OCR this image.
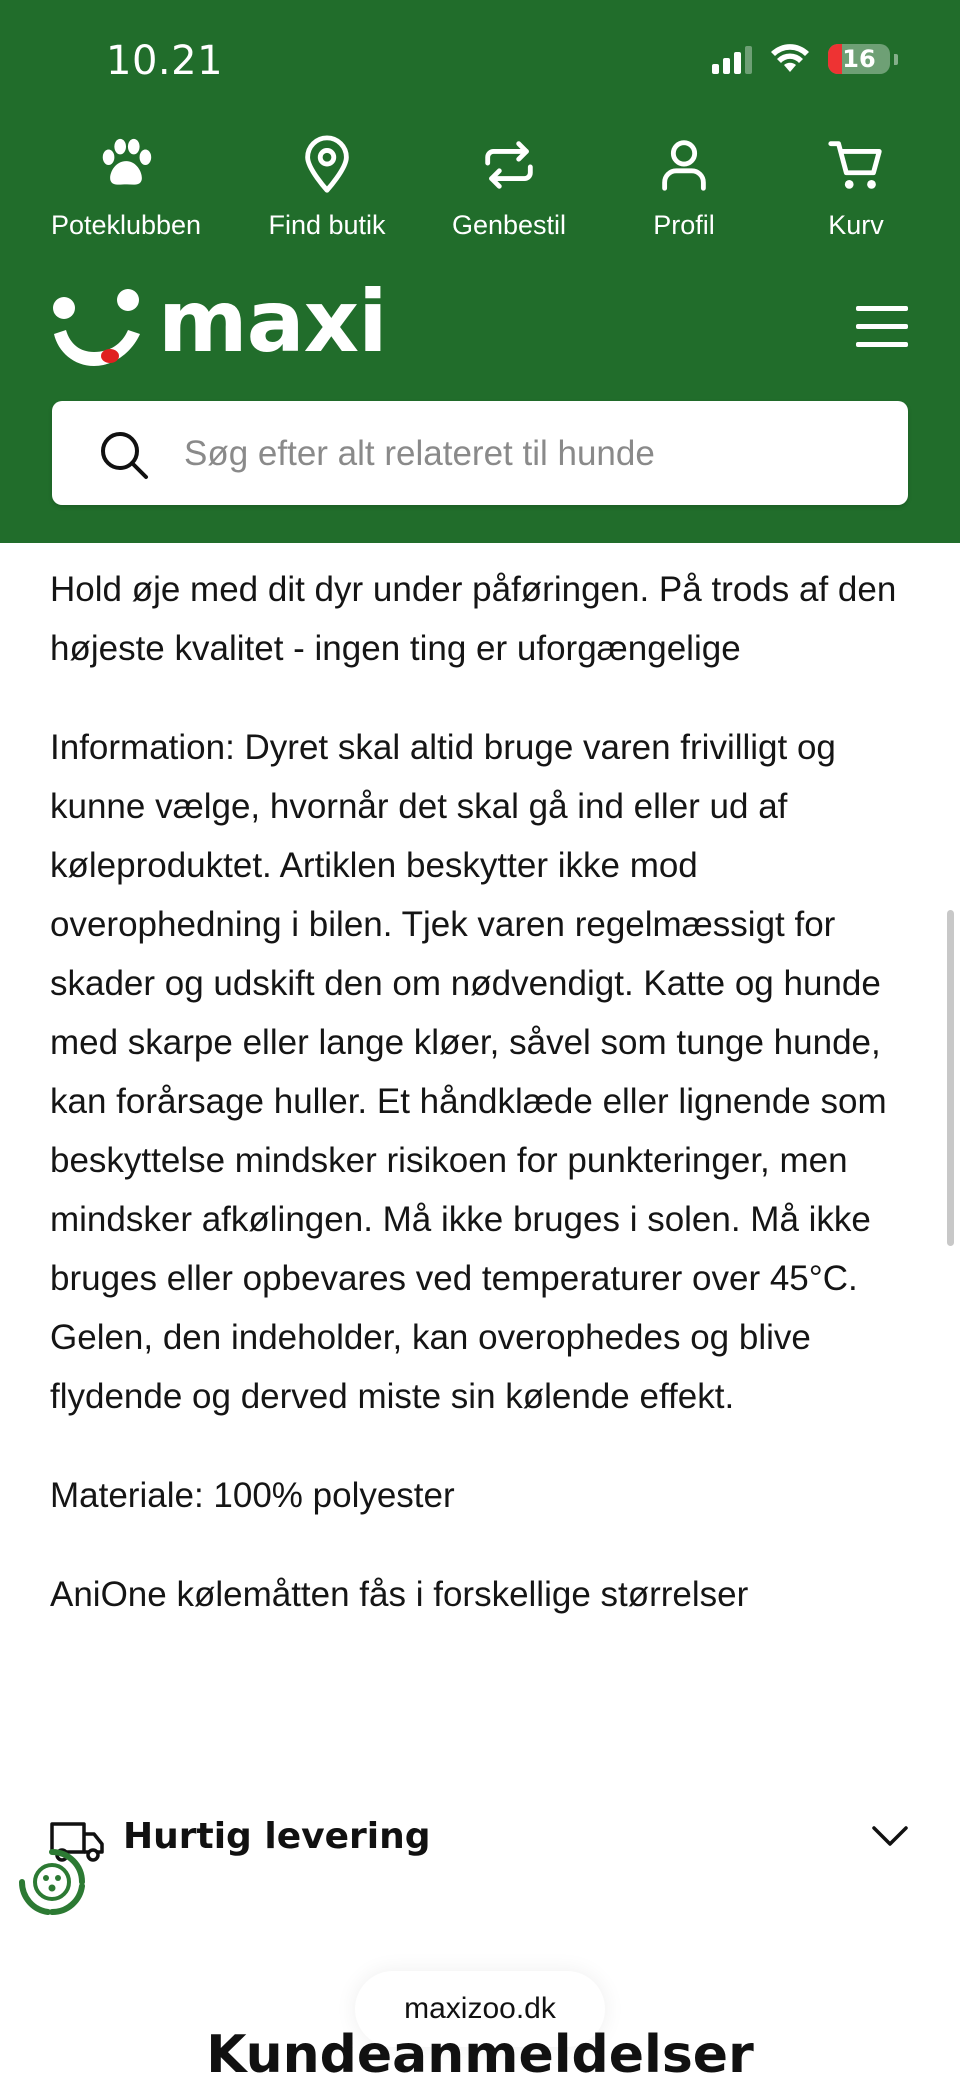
10.21	16
Poteklubben	Find butik	Genbestil	Profil	Kurv
maxi
Søg efter alt relateret til hunde

Hold øje med dit dyr under påføringen. På trods af den højeste kvalitet - ingen ting er uforgængelige

Information: Dyret skal altid bruge varen frivilligt og kunne vælge, hvornår det skal gå ind eller ud af køleproduktet. Artiklen beskytter ikke mod overophedning i bilen. Tjek varen regelmæssigt for skader og udskift den om nødvendigt. Katte og hunde med skarpe eller lange kløer, såvel som tunge hunde, kan forårsage huller. Et håndklæde eller lignende som beskyttelse mindsker risikoen for punkteringer, men mindsker afkølingen. Må ikke bruges i solen. Må ikke bruges eller opbevares ved temperaturer over 45°C. Gelen, den indeholder, kan overophedes og blive flydende og derved miste sin kølende effekt.

Materiale: 100% polyester

AniOne kølemåtten fås i forskellige størrelser

Hurtig levering
maxizoo.dk
Kundeanmeldelser
